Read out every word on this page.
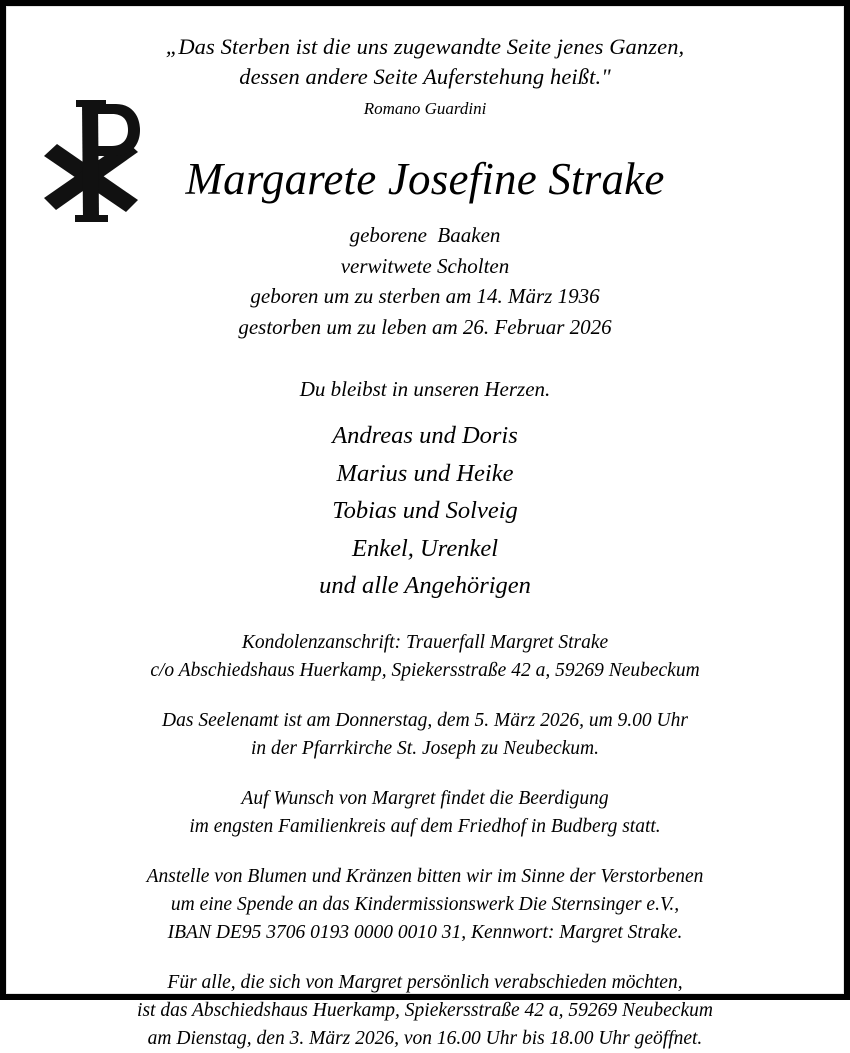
„Das Sterben ist die uns zugewandte Seite jenes Ganzen,
dessen andere Seite Auferstehung heißt."
Romano Guardini
Margarete Josefine Strake
geborene  Baaken
verwitwete Scholten
geboren um zu sterben am 14. März 1936
gestorben um zu leben am 26. Februar 2026
Du bleibst in unseren Herzen.
Andreas und Doris
Marius und Heike
Tobias und Solveig
Enkel, Urenkel
und alle Angehörigen
Kondolenzanschrift: Trauerfall Margret Strake
c/o Abschiedshaus Huerkamp, Spiekersstraße 42 a, 59269 Neubeckum
Das Seelenamt ist am Donnerstag, dem 5. März 2026, um 9.00 Uhr
in der Pfarrkirche St. Joseph zu Neubeckum.
Auf Wunsch von Margret findet die Beerdigung
im engsten Familienkreis auf dem Friedhof in Budberg statt.
Anstelle von Blumen und Kränzen bitten wir im Sinne der Verstorbenen
um eine Spende an das Kindermissionswerk Die Sternsinger e.V.,
IBAN DE95 3706 0193 0000 0010 31, Kennwort: Margret Strake.
Für alle, die sich von Margret persönlich verabschieden möchten,
ist das Abschiedshaus Huerkamp, Spiekersstraße 42 a, 59269 Neubeckum
am Dienstag, den 3. März 2026, von 16.00 Uhr bis 18.00 Uhr geöffnet.
